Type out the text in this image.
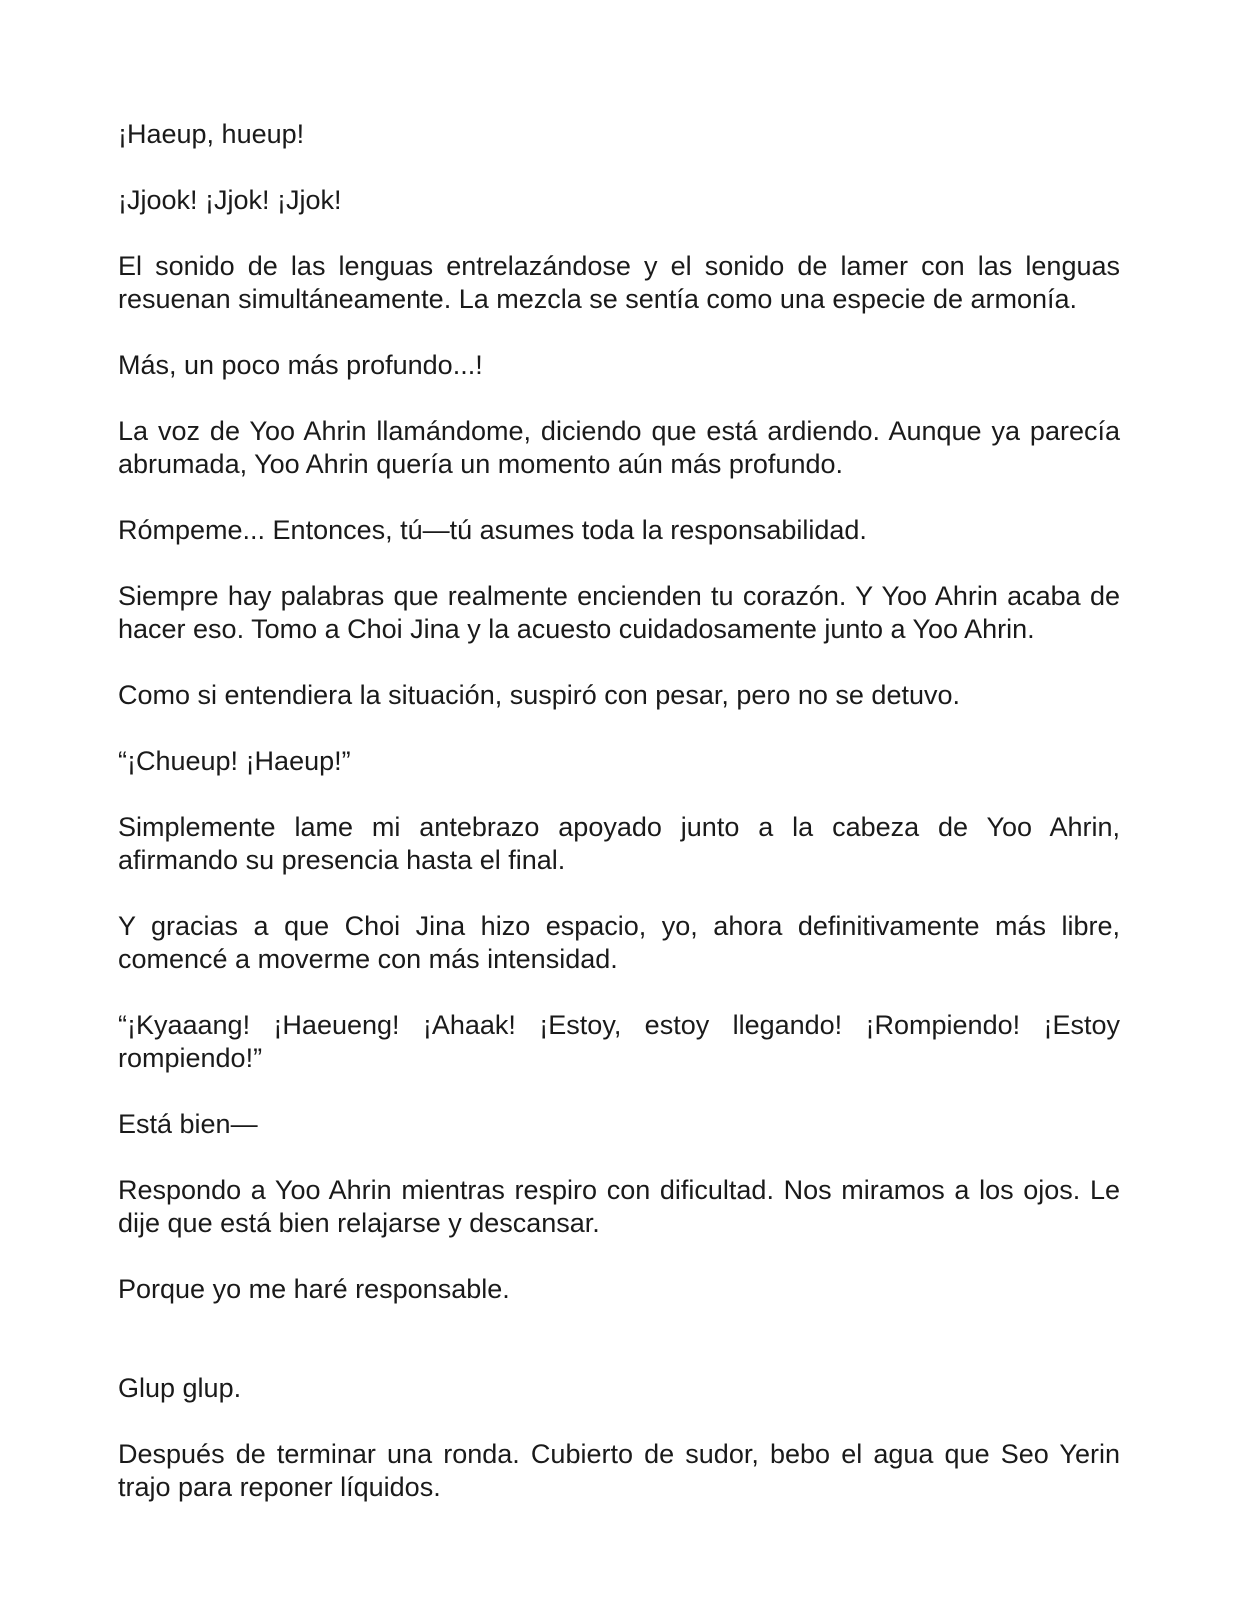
¡Haeup, hueup!

¡Jjook! ¡Jjok! ¡Jjok!

El sonido de las lenguas entrelazándose y el sonido de lamer con las lenguas resuenan simultáneamente. La mezcla se sentía como una especie de armonía.

Más, un poco más profundo...!

La voz de Yoo Ahrin llamándome, diciendo que está ardiendo. Aunque ya parecía abrumada, Yoo Ahrin quería un momento aún más profundo.

Rómpeme... Entonces, tú—tú asumes toda la responsabilidad.

Siempre hay palabras que realmente encienden tu corazón. Y Yoo Ahrin acaba de hacer eso. Tomo a Choi Jina y la acuesto cuidadosamente junto a Yoo Ahrin.

Como si entendiera la situación, suspiró con pesar, pero no se detuvo.

“¡Chueup! ¡Haeup!”

Simplemente lame mi antebrazo apoyado junto a la cabeza de Yoo Ahrin, afirmando su presencia hasta el final.

Y gracias a que Choi Jina hizo espacio, yo, ahora definitivamente más libre, comencé a moverme con más intensidad.

“¡Kyaaang! ¡Haeueng! ¡Ahaak! ¡Estoy, estoy llegando! ¡Rompiendo! ¡Estoy rompiendo!”

Está bien—

Respondo a Yoo Ahrin mientras respiro con dificultad. Nos miramos a los ojos. Le dije que está bien relajarse y descansar.

Porque yo me haré responsable.

Glup glup.

Después de terminar una ronda. Cubierto de sudor, bebo el agua que Seo Yerin trajo para reponer líquidos.
